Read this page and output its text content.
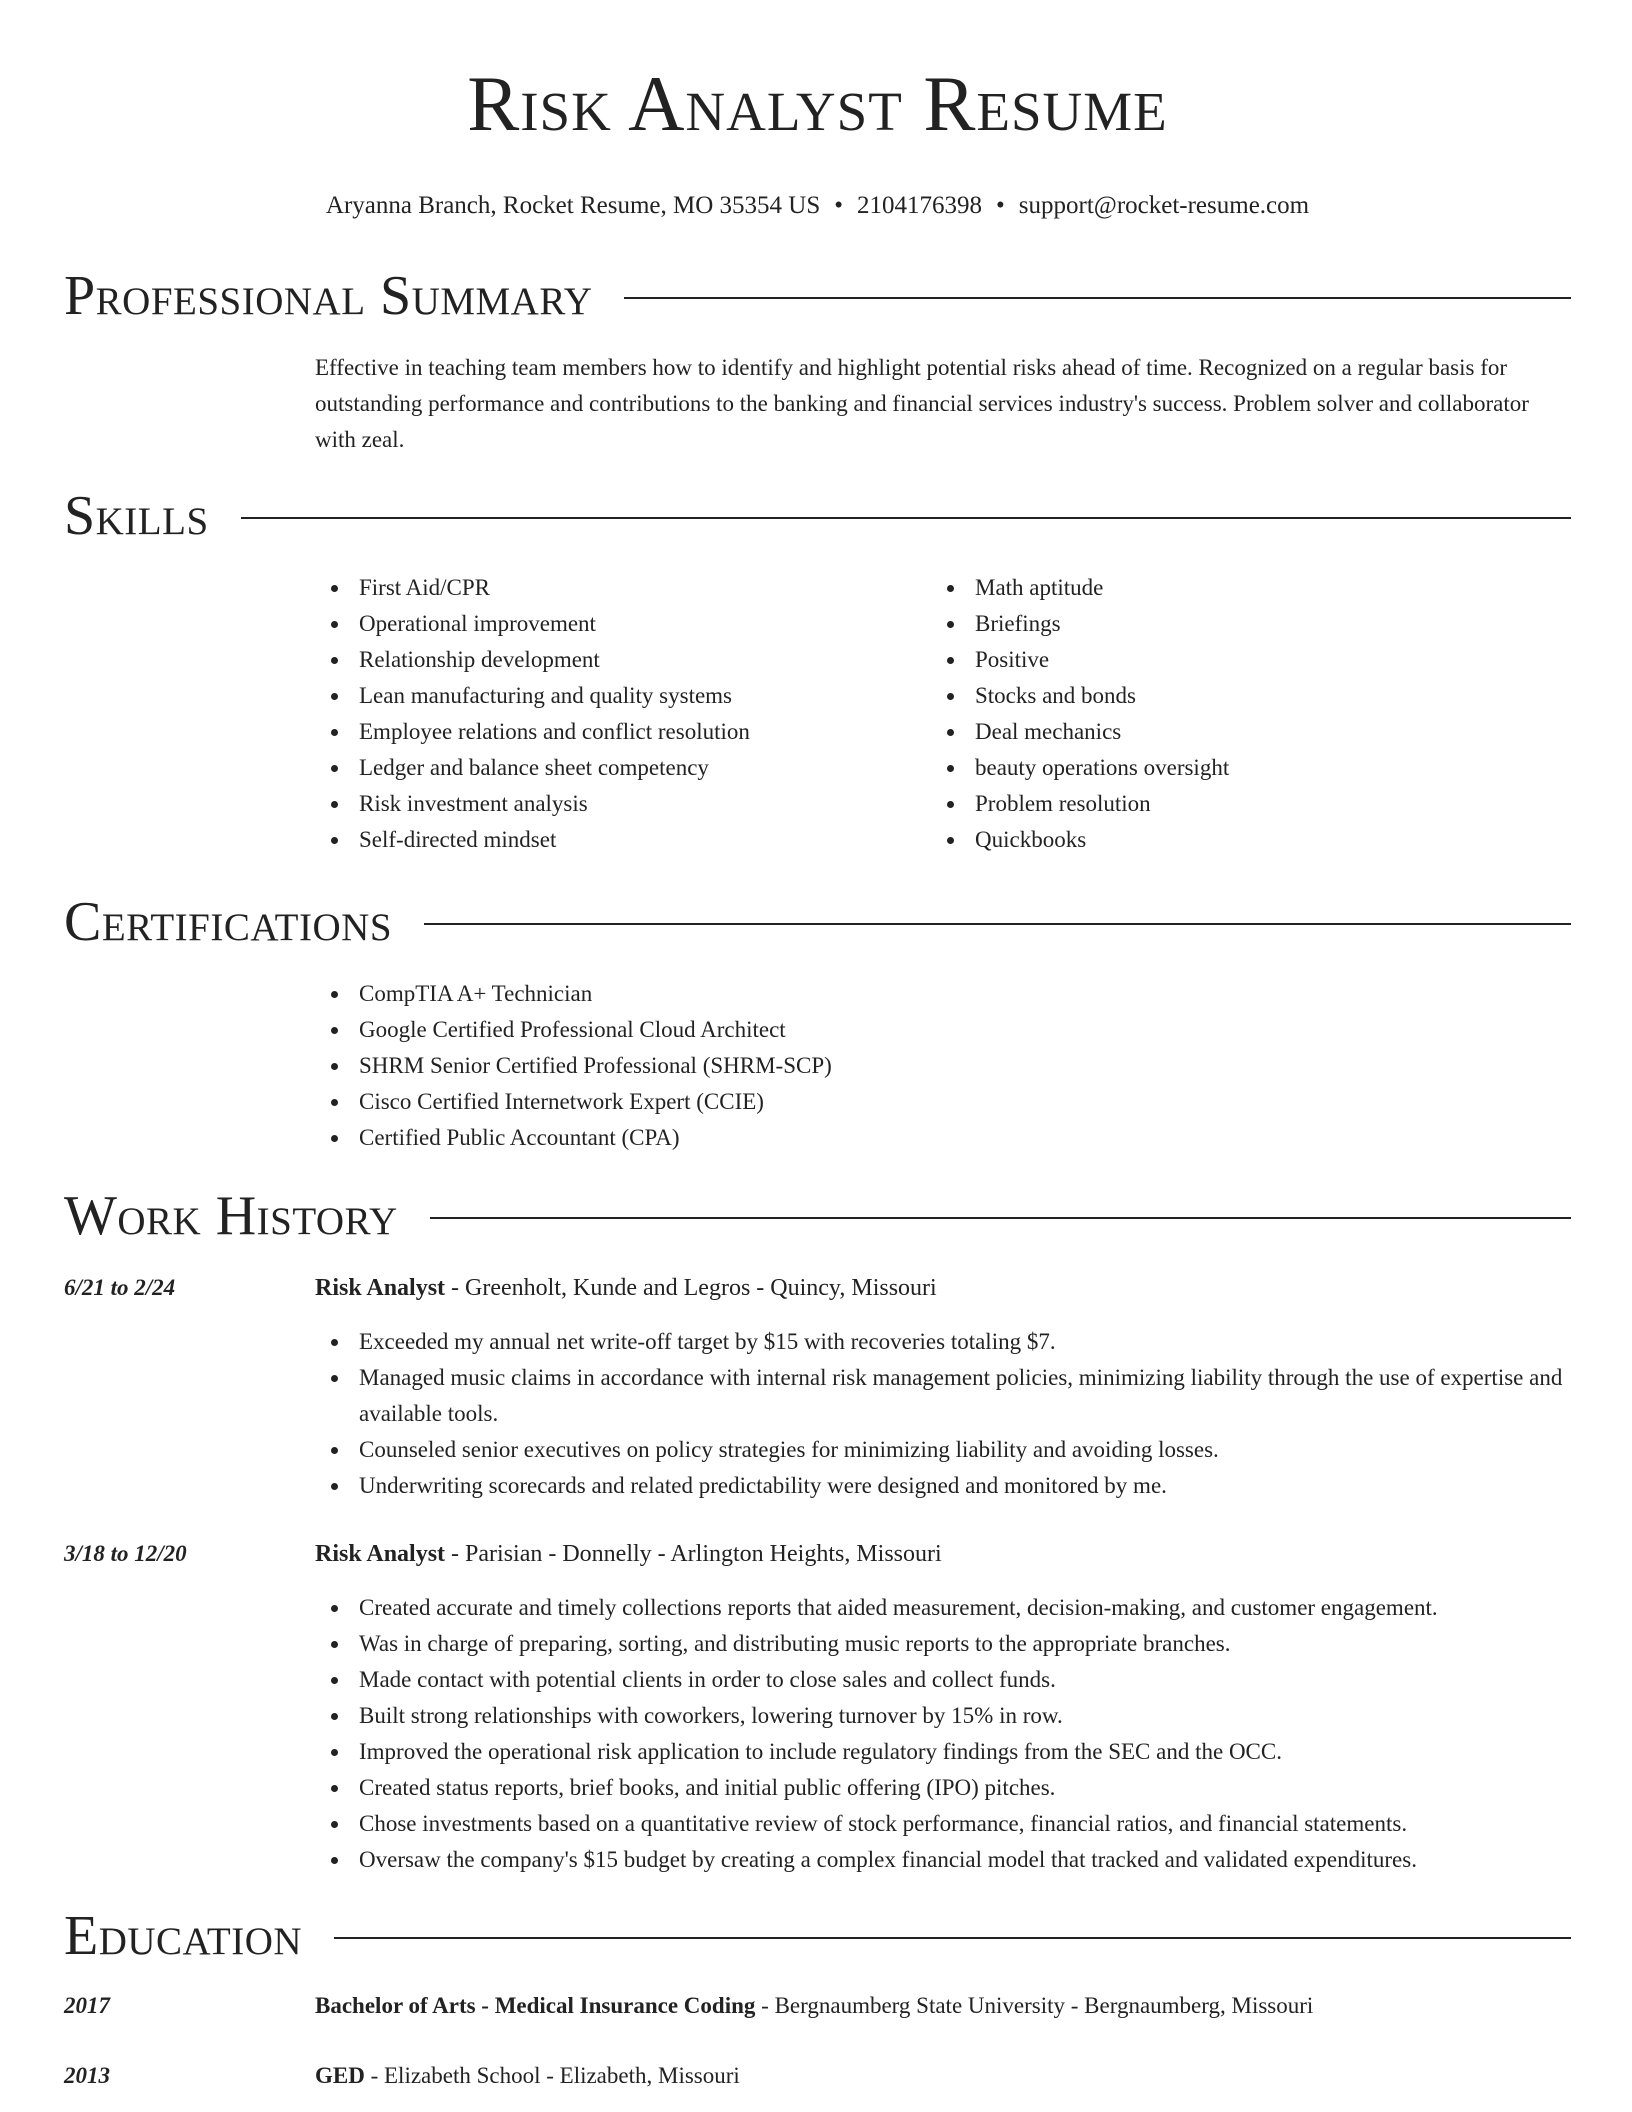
Risk Analyst Resume
Aryanna Branch, Rocket Resume, MO 35354 US • 2104176398 • support@rocket-resume.com
Professional Summary
Effective in teaching team members how to identify and highlight potential risks ahead of time. Recognized on a regular basis for outstanding performance and contributions to the banking and financial services industry's success. Problem solver and collaborator with zeal.
Skills
First Aid/CPR
Operational improvement
Relationship development
Lean manufacturing and quality systems
Employee relations and conflict resolution
Ledger and balance sheet competency
Risk investment analysis
Self-directed mindset
Math aptitude
Briefings
Positive
Stocks and bonds
Deal mechanics
beauty operations oversight
Problem resolution
Quickbooks
Certifications
CompTIA A+ Technician
Google Certified Professional Cloud Architect
SHRM Senior Certified Professional (SHRM-SCP)
Cisco Certified Internetwork Expert (CCIE)
Certified Public Accountant (CPA)
Work History
6/21 to 2/24	Risk Analyst - Greenholt, Kunde and Legros - Quincy, Missouri
Exceeded my annual net write-off target by $15 with recoveries totaling $7.
Managed music claims in accordance with internal risk management policies, minimizing liability through the use of expertise and available tools.
Counseled senior executives on policy strategies for minimizing liability and avoiding losses.
Underwriting scorecards and related predictability were designed and monitored by me.
3/18 to 12/20	Risk Analyst - Parisian - Donnelly - Arlington Heights, Missouri
Created accurate and timely collections reports that aided measurement, decision-making, and customer engagement.
Was in charge of preparing, sorting, and distributing music reports to the appropriate branches.
Made contact with potential clients in order to close sales and collect funds.
Built strong relationships with coworkers, lowering turnover by 15% in row.
Improved the operational risk application to include regulatory findings from the SEC and the OCC.
Created status reports, brief books, and initial public offering (IPO) pitches.
Chose investments based on a quantitative review of stock performance, financial ratios, and financial statements.
Oversaw the company's $15 budget by creating a complex financial model that tracked and validated expenditures.
Education
2017	Bachelor of Arts - Medical Insurance Coding - Bergnaumberg State University - Bergnaumberg, Missouri
2013	GED - Elizabeth School - Elizabeth, Missouri
